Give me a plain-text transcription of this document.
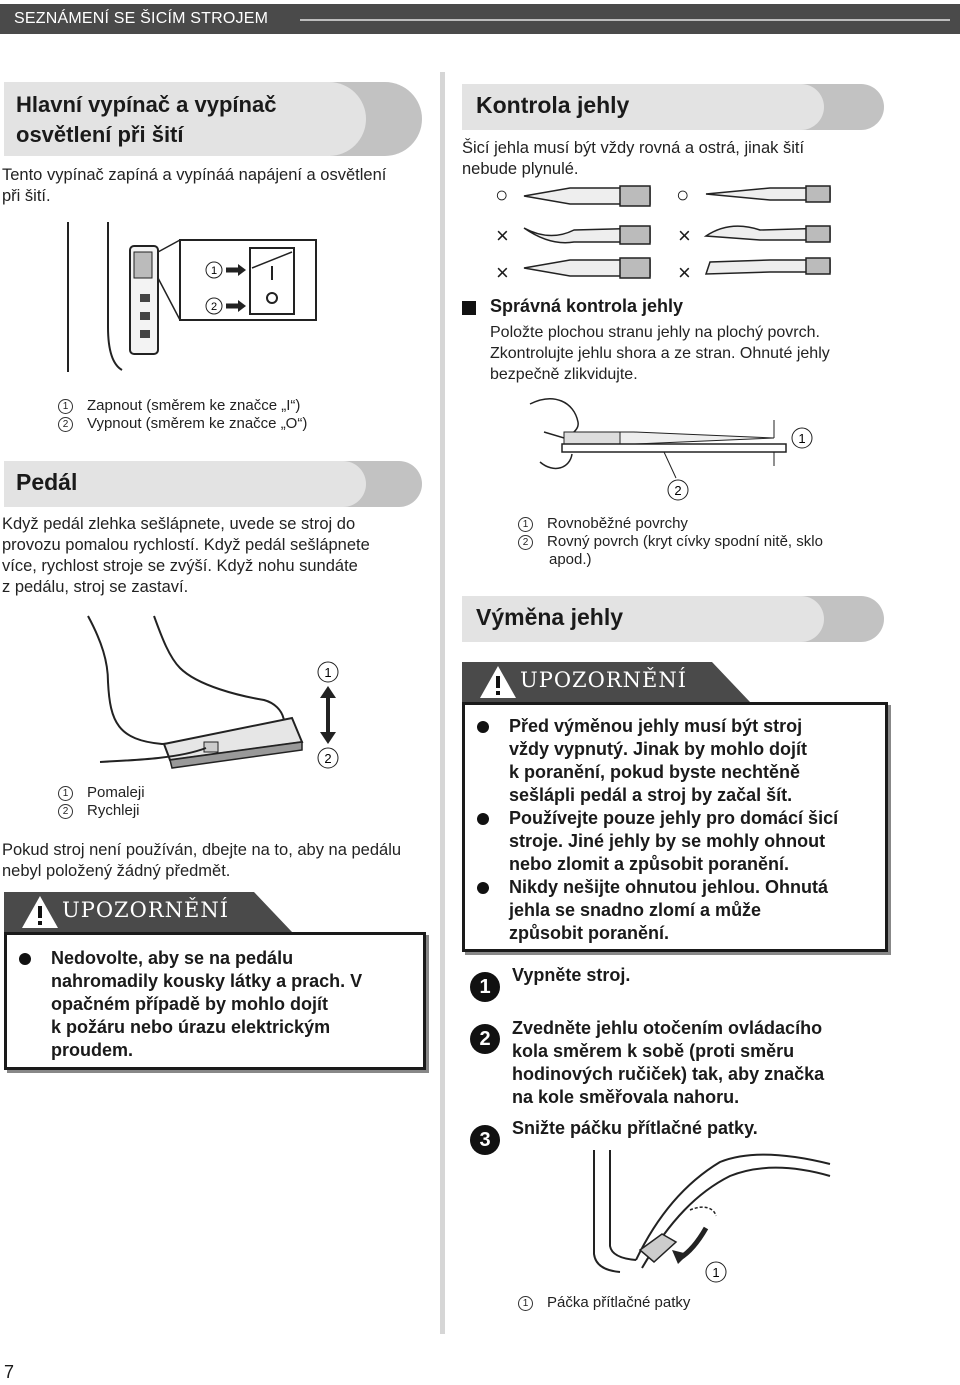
SEZNÁMENÍ SE ŠICÍM STROJEM
Hlavní vypínač a vypínač
osvětlení při šití
Tento vypínač zapíná a vypínáá napájení a osvětlení
při šití.
1
2
1 Zapnout (směrem ke značce „I“)
2 Vypnout (směrem ke značce „O“)
Pedál
Když pedál zlehka sešlápnete, uvede se stroj do
provozu pomalou rychlostí. Když pedál sešlápnete
více, rychlost stroje se zvýší. Když nohu sundáte
z pedálu, stroj se zastaví.
1
2
1 Pomaleji
2 Rychleji
Pokud stroj není používán, dbejte na to, aby na pedálu
nebyl položený žádný předmět.
UPOZORNĚNÍ
Nedovolte, aby se na pedálu
nahromadily kousky látky a prach. V
opačném případě by mohlo dojít
k požáru nebo úrazu elektrickým
proudem.
7
Kontrola jehly
Šicí jehla musí být vždy rovná a ostrá, jinak šití
nebude plynulé.
○	○
×	×
×	×
Správná kontrola jehly
Položte plochou stranu jehly na plochý povrch.
Zkontrolujte jehlu shora a ze stran. Ohnuté jehly
bezpečně zlikvidujte.
1
2
1 Rovnoběžné povrchy
2 Rovný povrch (kryt cívky spodní nitě, sklo
apod.)
Výměna jehly
UPOZORNĚNÍ
Před výměnou jehly musí být stroj
vždy vypnutý. Jinak by mohlo dojít
k poranění, pokud byste nechtěně
sešlápli pedál a stroj by začal šít.
Používejte pouze jehly pro domácí šicí
stroje. Jiné jehly by se mohly ohnout
nebo zlomit a způsobit poranění.
Nikdy nešijte ohnutou jehlou. Ohnutá
jehla se snadno zlomí a může
způsobit poranění.
1
Vypněte stroj.
2	Zvedněte jehlu otočením ovládacího
kola směrem k sobě (proti směru
hodinových ručiček) tak, aby značka
na kole směřovala nahoru.
3
Snižte páčku přítlačné patky.
1
1 Páčka přítlačné patky
